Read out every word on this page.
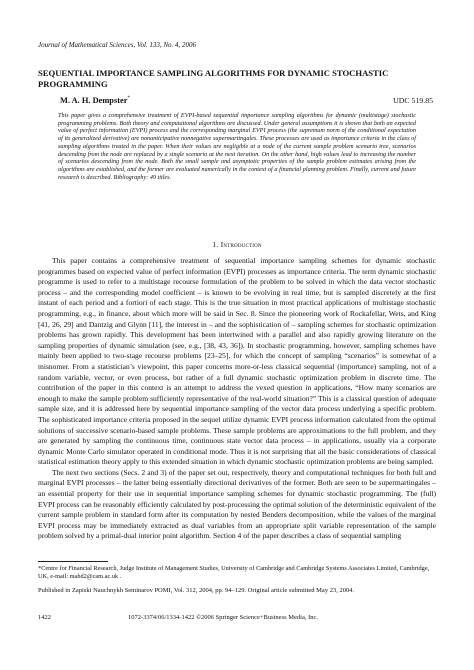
Journal of Mathematical Sciences, Vol. 133, No. 4, 2006
SEQUENTIAL IMPORTANCE SAMPLING ALGORITHMS FOR DYNAMIC STOCHASTIC PROGRAMMING
M. A. H. Dempster*	UDC 519.85
This paper gives a comprehensive treatment of EVPI-based sequential importance sampling algorithms for dynamic (multistage) stochastic programming problems. Both theory and computational algorithms are discussed. Under general assumptions it is shown that both an expected value of perfect information (EVPI) process and the corresponding marginal EVPI process (the supremum norm of the conditional expectation of its generalized derivative) are nonanticipative nonnegative supermartingales. These processes are used as importance criteria in the class of sampling algorithms treated in the paper. When their values are negligible at a node of the current sample problem scenario tree, scenarios descending from the node are replaced by a single scenario at the next iteration. On the other hand, high values lead to increasing the number of scenarios descending from the node. Both the small sample and asymptotic properties of the sample problem estimates arising from the algorithms are established, and the former are evaluated numerically in the context of a financial planning problem. Finally, current and future research is described. Bibliography: 49 titles.
1. Introduction

This paper contains a comprehensive treatment of sequential importance sampling schemes for dynamic stochastic programmes based on expected value of perfect information (EVPI) processes as importance criteria. The term dynamic stochastic programme is used to refer to a multistage recourse formulation of the problem to be solved in which the data vector stochastic process – and the corresponding model coefficient – is known to be evolving in real time, but is sampled discretely at the first instant of each period and a fortiori of each stage. This is the true situation in most practical applications of multistage stochastic programming, e.g., in finance, about which more will be said in Sec. 8. Since the pioneering work of Rockafellar, Wets, and King [41, 26, 29] and Dantzig and Glynn [11], the interest in – and the sophistication of – sampling schemes for stochastic optimization problems has grown rapidly. This development has been intertwined with a parallel and also rapidly growing literature on the sampling properties of dynamic simulation (see, e.g., [38, 43, 36]). In stochastic programming, however, sampling schemes have mainly been applied to two-stage recourse problems [23–25], for which the concept of sampling “scenarios” is somewhat of a misnomer. From a statistician’s viewpoint, this paper concerns more-or-less classical sequential (importance) sampling, not of a random variable, vector, or even process, but rather of a full dynamic stochastic optimization problem in discrete time. The contribution of the paper in this context is an attempt to address the vexed question in applications, “How many scenarios are enough to make the sample problem sufficiently representative of the real-world situation?” This is a classical question of adequate sample size, and it is addressed here by sequential importance sampling of the vector data process underlying a specific problem. The sophisticated importance criteria proposed in the sequel utilize dynamic EVPI process information calculated from the optimal solutions of successive scenario-based sample problems. These sample problems are approximations to the full problem, and they are generated by sampling the continuous time, continuous state vector data process – in applications, usually via a corporate dynamic Monte Carlo simulator operated in conditional mode. Thus it is not surprising that all the basic considerations of classical statistical estimation theory apply to this extended situation in which dynamic stochastic optimization problems are being sampled.

The next two sections (Secs. 2 and 3) of the paper set out, respectively, theory and computational techniques for both full and marginal EVPI processes – the latter being essentially directional derivatives of the former. Both are seen to be supermartingales – an essential property for their use in sequential importance sampling schemes for dynamic stochastic programming. The (full) EVPI process can be reasonably efficiently calculated by post-processing the optimal solution of the deterministic equivalent of the current sample problem in standard form after its computation by nested Benders decomposition, while the values of the marginal EVPI process may be immediately extracted as dual variables from an appropriate split variable representation of the sample problem solved by a primal-dual interior point algorithm. Section 4 of the paper describes a class of sequential sampling

*Centre for Financial Research, Judge Institute of Management Studies, University of Cambridge and Cambridge Systems Associates Limited, Cambridge, UK, e-mail: mahd2@cam.ac.uk .
Published in Zapiski Nauchnykh Seminarov POMI, Vol. 312, 2004, pp. 94–129. Original article submitted May 23, 2004.
1422	1072-3374/06/1334-1422 ©2006 Springer Science+Business Media, Inc.
